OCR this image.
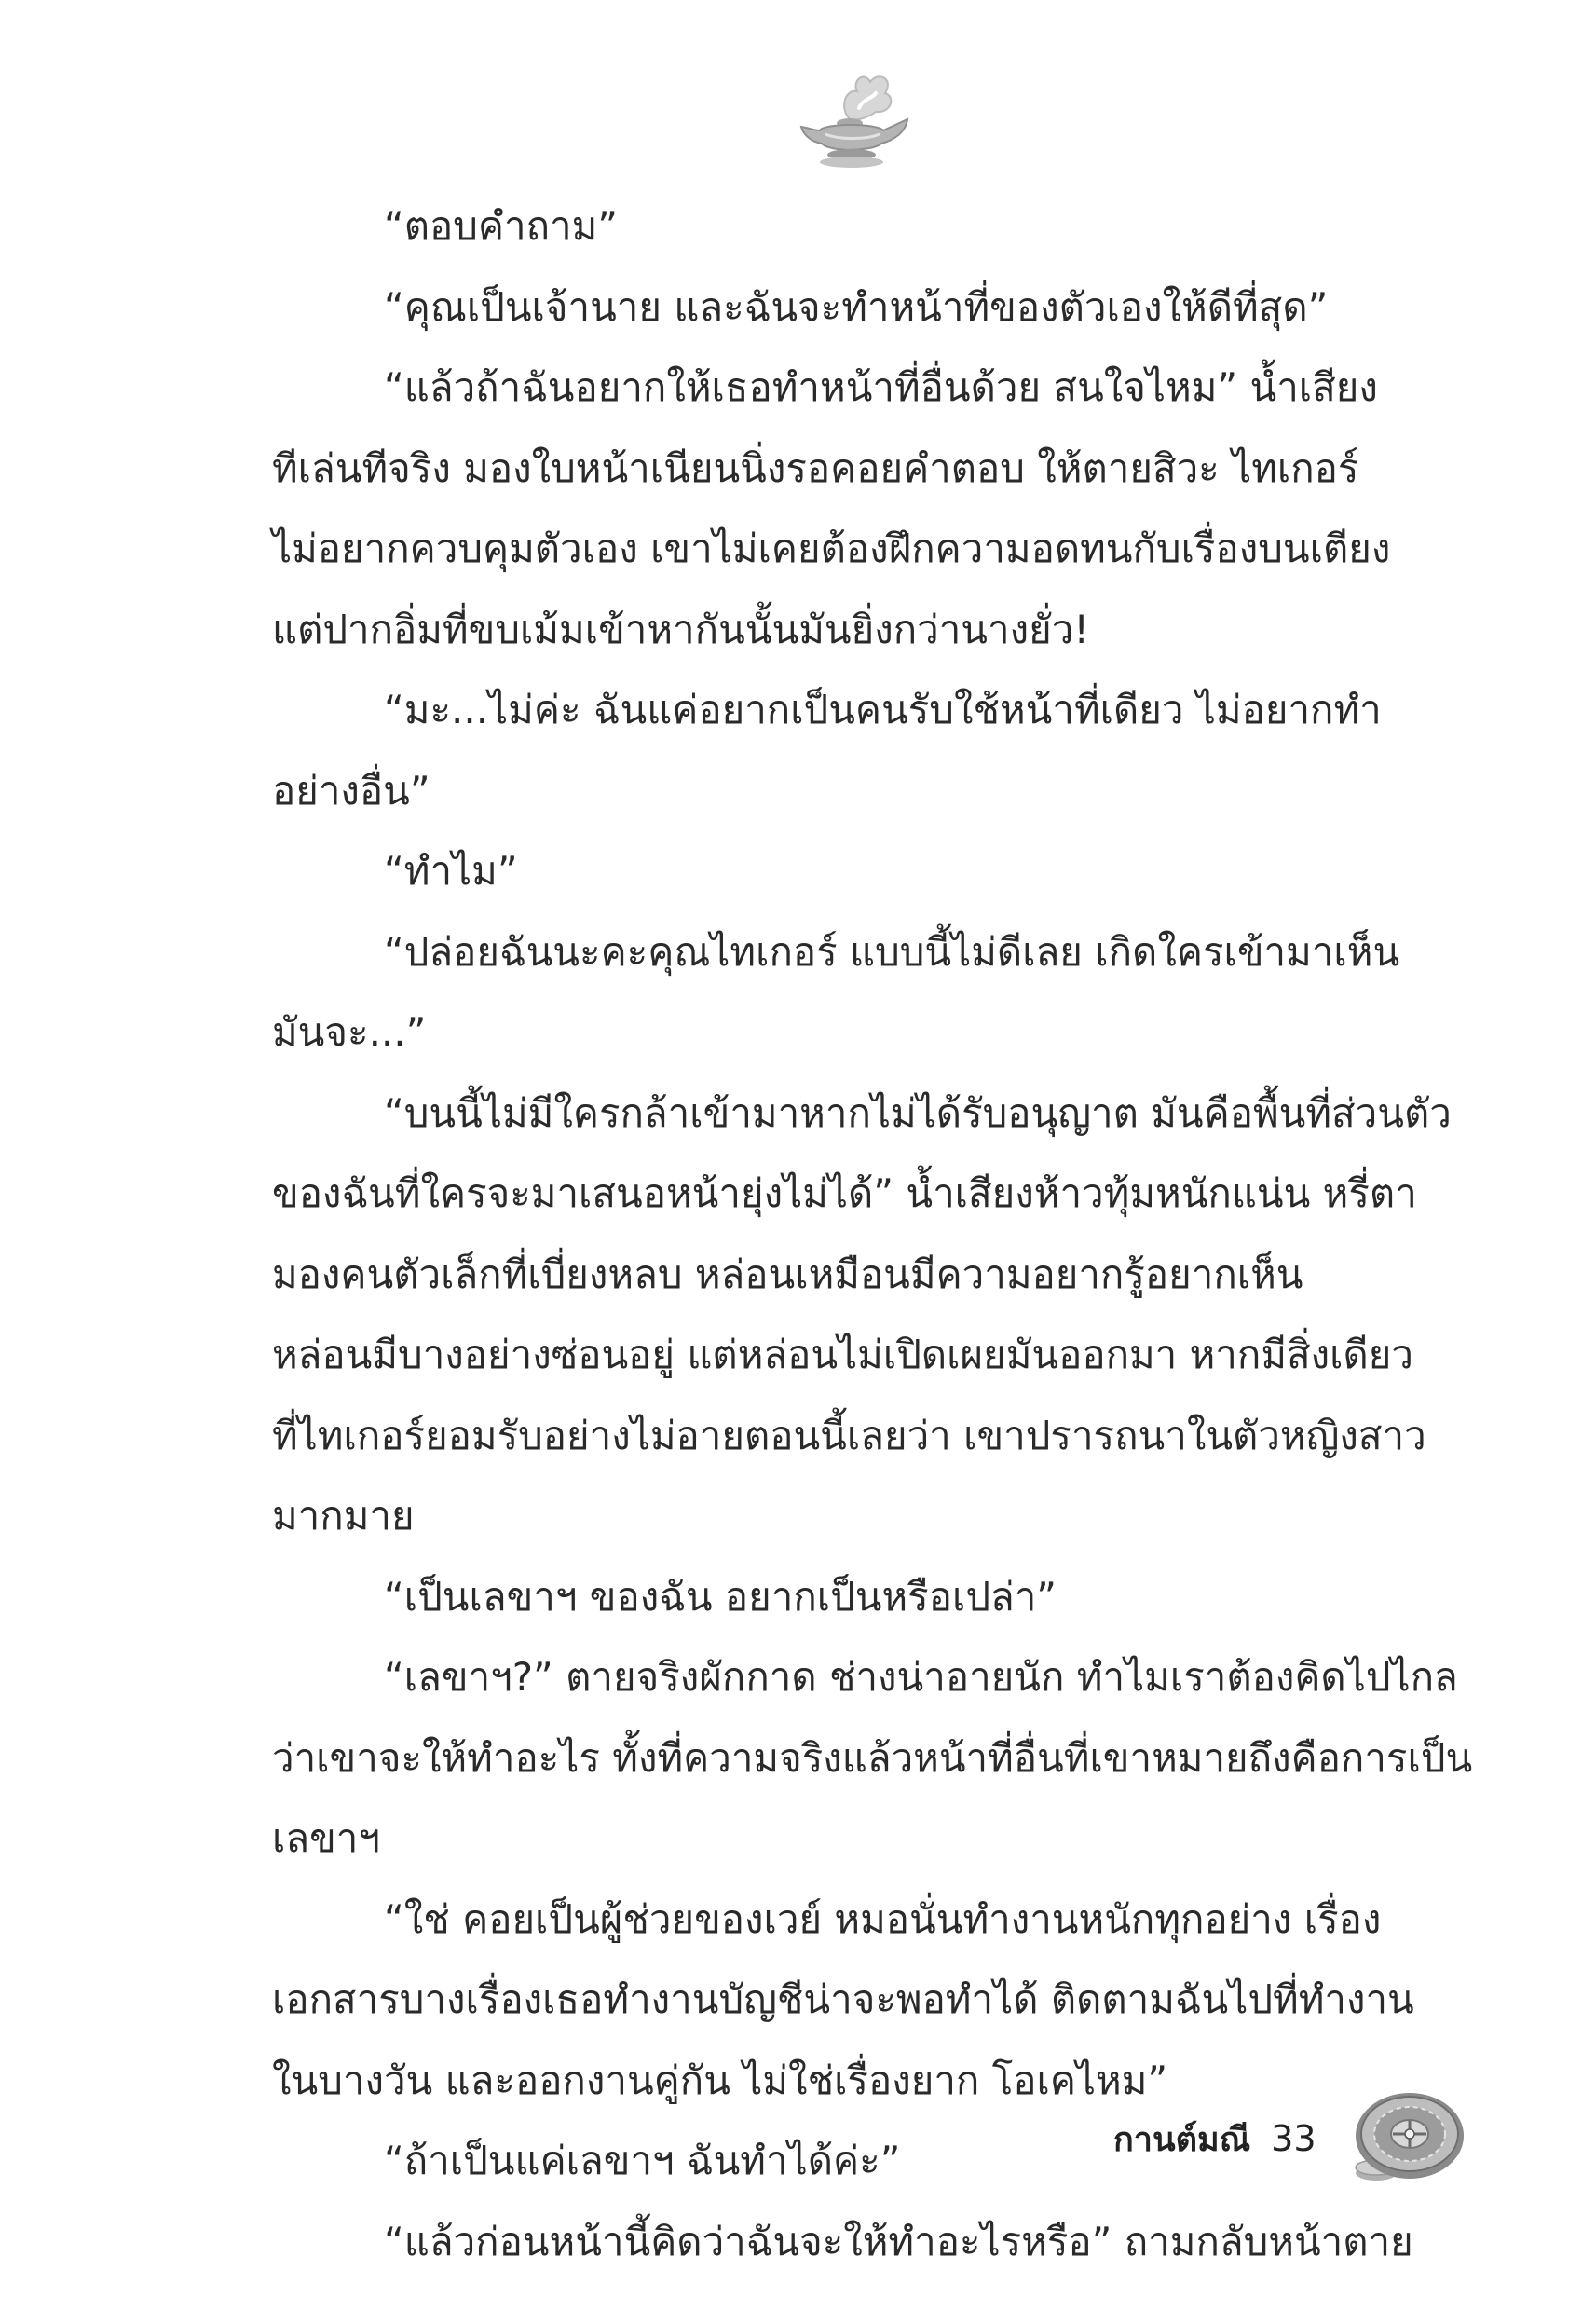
“ตอบคำถาม”
“คุณเป็นเจ้านาย และฉันจะทำหน้าที่ของตัวเองให้ดีที่สุด”
“แล้วถ้าฉันอยากให้เธอทำหน้าที่อื่นด้วย สนใจไหม” น้ำเสียง
ทีเล่นทีจริง มองใบหน้าเนียนนิ่งรอคอยคำตอบ ให้ตายสิวะ ไทเกอร์
ไม่อยากควบคุมตัวเอง เขาไม่เคยต้องฝึกความอดทนกับเรื่องบนเตียง
แต่ปากอิ่มที่ขบเม้มเข้าหากันนั้นมันยิ่งกว่านางยั่ว!
“มะ...ไม่ค่ะ ฉันแค่อยากเป็นคนรับใช้หน้าที่เดียว ไม่อยากทำ
อย่างอื่น”
“ทำไม”
“ปล่อยฉันนะคะคุณไทเกอร์ แบบนี้ไม่ดีเลย เกิดใครเข้ามาเห็น
มันจะ...”
“บนนี้ไม่มีใครกล้าเข้ามาหากไม่ได้รับอนุญาต มันคือพื้นที่ส่วนตัว
ของฉันที่ใครจะมาเสนอหน้ายุ่งไม่ได้” น้ำเสียงห้าวทุ้มหนักแน่น หรี่ตา
มองคนตัวเล็กที่เบี่ยงหลบ หล่อนเหมือนมีความอยากรู้อยากเห็น
หล่อนมีบางอย่างซ่อนอยู่ แต่หล่อนไม่เปิดเผยมันออกมา หากมีสิ่งเดียว
ที่ไทเกอร์ยอมรับอย่างไม่อายตอนนี้เลยว่า เขาปรารถนาในตัวหญิงสาว
มากมาย
“เป็นเลขาฯ ของฉัน อยากเป็นหรือเปล่า”
“เลขาฯ?” ตายจริงผักกาด ช่างน่าอายนัก ทำไมเราต้องคิดไปไกล
ว่าเขาจะให้ทำอะไร ทั้งที่ความจริงแล้วหน้าที่อื่นที่เขาหมายถึงคือการเป็น
เลขาฯ
“ใช่ คอยเป็นผู้ช่วยของเวย์ หมอนั่นทำงานหนักทุกอย่าง เรื่อง
เอกสารบางเรื่องเธอทำงานบัญชีน่าจะพอทำได้ ติดตามฉันไปที่ทำงาน
ในบางวัน และออกงานคู่กัน ไม่ใช่เรื่องยาก โอเคไหม”
“ถ้าเป็นแค่เลขาฯ ฉันทำได้ค่ะ”
“แล้วก่อนหน้านี้คิดว่าฉันจะให้ทำอะไรหรือ” ถามกลับหน้าตาย
กานต์มณี 33
